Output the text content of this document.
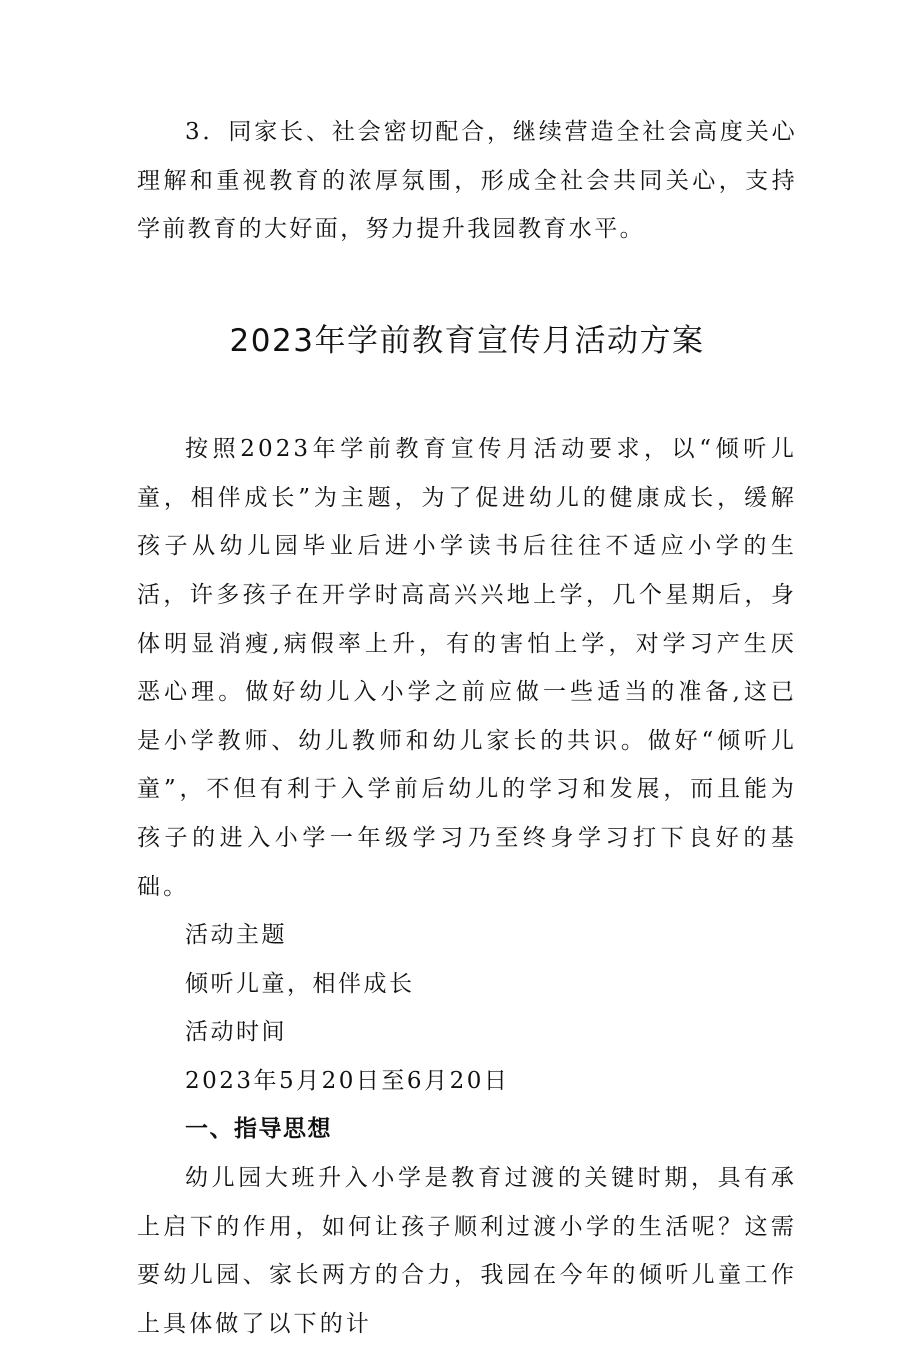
3．同家长、社会密切配合，继续营造全社会高度关心理解和重视教育的浓厚氛围，形成全社会共同关心，支持学前教育的大好面，努力提升我园教育水平。

2023年学前教育宣传月活动方案

按照2023年学前教育宣传月活动要求，以“倾听儿童，相伴成长”为主题，为了促进幼儿的健康成长，缓解孩子从幼儿园毕业后进小学读书后往往不适应小学的生活，许多孩子在开学时高高兴兴地上学，几个星期后，身体明显消瘦,病假率上升，有的害怕上学，对学习产生厌恶心理。做好幼儿入小学之前应做一些适当的准备,这已是小学教师、幼儿教师和幼儿家长的共识。做好“倾听儿童”，不但有利于入学前后幼儿的学习和发展，而且能为孩子的进入小学一年级学习乃至终身学习打下良好的基础。

活动主题

倾听儿童，相伴成长

活动时间

2023年5月20日至6月20日

一、指导思想

幼儿园大班升入小学是教育过渡的关键时期，具有承上启下的作用，如何让孩子顺利过渡小学的生活呢？这需要幼儿园、家长两方的合力，我园在今年的倾听儿童工作上具体做了以下的计
